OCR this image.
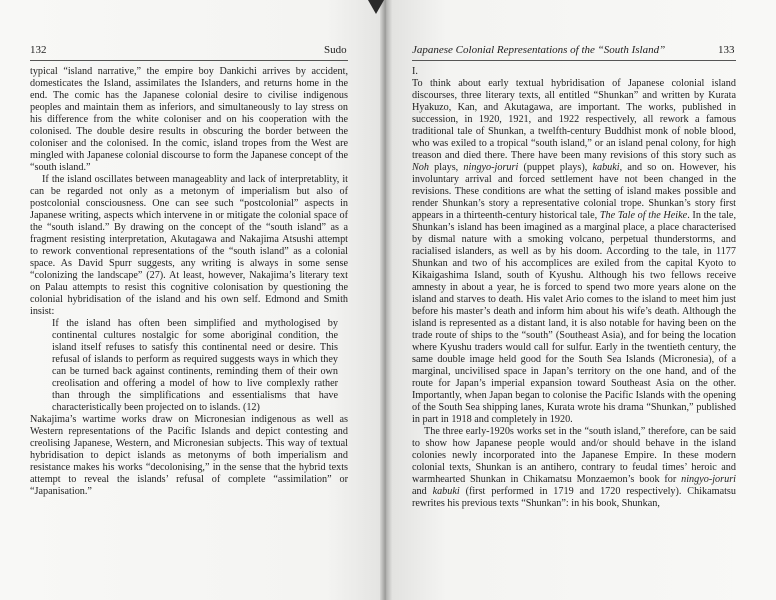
132	Sudo

typical “island narrative,” the empire boy Dankichi arrives by accident, domesticates the Island, assimilates the Islanders, and returns home in the end. The comic has the Japanese colonial desire to civilise indigenous peoples and maintain them as inferiors, and simultaneously to lay stress on his difference from the white coloniser and on his cooperation with the colonised. The double desire results in obscuring the border between the coloniser and the colonised. In the comic, island tropes from the West are mingled with Japanese colonial discourse to form the Japanese concept of the “south island.”

If the island oscillates between manageablity and lack of interpretablity, it can be regarded not only as a metonym of imperialism but also of postcolonial consciousness. One can see such “postcolonial” aspects in Japanese writing, aspects which intervene in or mitigate the colonial space of the “south island.” By drawing on the concept of the “south island” as a fragment resisting interpretation, Akutagawa and Nakajima Atsushi attempt to rework conventional representations of the “south island” as a colonial space. As David Spurr suggests, any writing is always in some sense “colonizing the landscape” (27). At least, however, Nakajima’s literary text on Palau attempts to resist this cognitive colonisation by questioning the colonial hybridisation of the island and his own self. Edmond and Smith insist:

If the island has often been simplified and mythologised by continental cultures nostalgic for some aboriginal condition, the island itself refuses to satisfy this continental need or desire. This refusal of islands to perform as required suggests ways in which they can be turned back against continents, reminding them of their own creolisation and offering a model of how to live complexly rather than through the simplifications and essentialisms that have characteristically been projected on to islands. (12)

Nakajima’s wartime works draw on Micronesian indigenous as well as Western representations of the Pacific Islands and depict contesting and creolising Japanese, Western, and Micronesian subjects. This way of textual hybridisation to depict islands as metonyms of both imperialism and resistance makes his works “decolonising,” in the sense that the hybrid texts attempt to reveal the islands’ refusal of complete “assimilation” or “Japanisation.”

Japanese Colonial Representations of the “South Island”	133

I.

To think about early textual hybridisation of Japanese colonial island discourses, three literary texts, all entitled “Shunkan” and written by Kurata Hyakuzo, Kan, and Akutagawa, are important. The works, published in succession, in 1920, 1921, and 1922 respectively, all rework a famous traditional tale of Shunkan, a twelfth-century Buddhist monk of noble blood, who was exiled to a tropical “south island,” or an island penal colony, for high treason and died there. There have been many revisions of this story such as Noh plays, ningyo-joruri (puppet plays), kabuki, and so on. However, his involuntary arrival and forced settlement have not been changed in the revisions. These conditions are what the setting of island makes possible and render Shunkan’s story a representative colonial trope. Shunkan’s story first appears in a thirteenth-century historical tale, The Tale of the Heike. In the tale, Shunkan’s island has been imagined as a marginal place, a place characterised by dismal nature with a smoking volcano, perpetual thunderstorms, and racialised islanders, as well as by his doom. According to the tale, in 1177 Shunkan and two of his accomplices are exiled from the capital Kyoto to Kikaigashima Island, south of Kyushu. Although his two fellows receive amnesty in about a year, he is forced to spend two more years alone on the island and starves to death. His valet Ario comes to the island to meet him just before his master’s death and inform him about his wife’s death. Although the island is represented as a distant land, it is also notable for having been on the trade route of ships to the “south” (Southeast Asia), and for being the location where Kyushu traders would call for sulfur. Early in the twentieth century, the same double image held good for the South Sea Islands (Micronesia), of a marginal, uncivilised space in Japan’s territory on the one hand, and of the route for Japan’s imperial expansion toward Southeast Asia on the other. Importantly, when Japan began to colonise the Pacific Islands with the opening of the South Sea shipping lanes, Kurata wrote his drama “Shunkan,” published in part in 1918 and completely in 1920.

The three early-1920s works set in the “south island,” therefore, can be said to show how Japanese people would and/or should behave in the island colonies newly incorporated into the Japanese Empire. In these modern colonial texts, Shunkan is an antihero, contrary to feudal times’ heroic and warmhearted Shunkan in Chikamatsu Monzaemon’s book for ningyo-joruri and kabuki (first performed in 1719 and 1720 respectively). Chikamatsu rewrites his previous texts “Shunkan”: in his book, Shunkan,
